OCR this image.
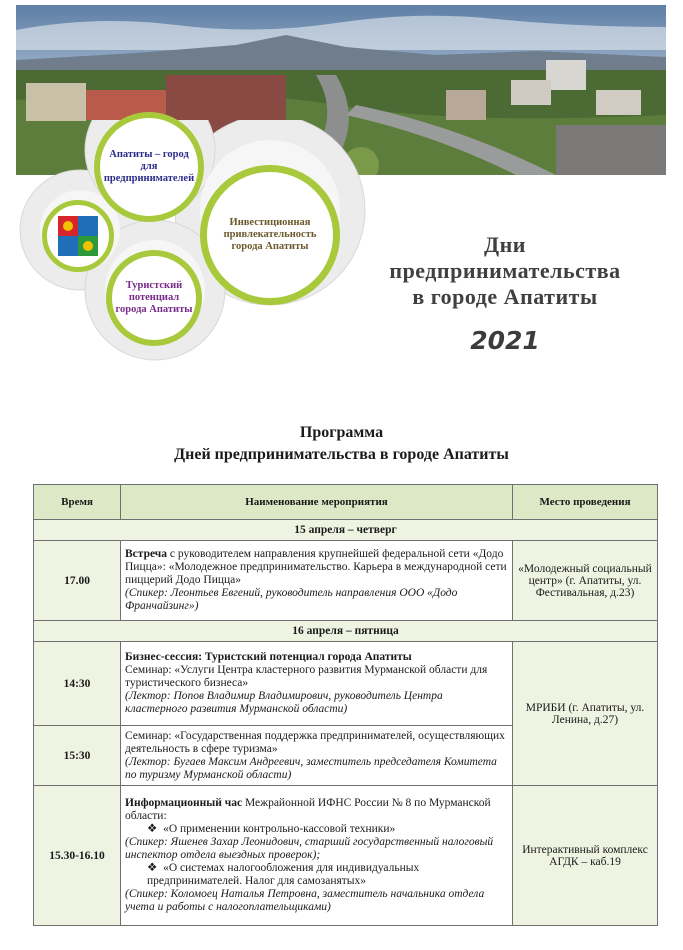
Апатиты – город для предпринимателей
Инвестиционная привлекательность города Апатиты
Туристский потенциал города Апатиты
Дни
предпринимательства
в городе Апатиты
2021
Программа
Дней предпринимательства в городе Апатиты
Время	Наименование мероприятия	Место проведения
15 апреля – четверг		
17.00	Встреча с руководителем направления крупнейшей федеральной сети «Додо Пицца»: «Молодежное предпринимательство. Карьера в международной сети пиццерий Додо Пицца»
(Спикер: Леонтьев Евгений, руководитель направления ООО «Додо Франчайзинг»)	«Молодежный социальный центр» (г. Апатиты, ул. Фестивальная, д.23)
16 апреля – пятница		
14:30	Бизнес-сессия: Туристский потенциал города Апатиты
Семинар: «Услуги Центра кластерного развития Мурманской области для туристического бизнеса»
(Лектор: Попов Владимир Владимирович, руководитель Центра кластерного развития Мурманской области)	МРИБИ (г. Апатиты, ул. Ленина, д.27)
15:30	Семинар: «Государственная поддержка предпринимателей, осуществляющих деятельность в сфере туризма»
(Лектор: Бугаев Максим Андреевич, заместитель председателя Комитета по туризму Мурманской области)	
15.30-16.10	Информационный час Межрайонной ИФНС России № 8 по Мурманской области:

❖ «О применении контрольно-кассовой техники»
(Спикер: Яшенев Захар Леонидович, старший государственный налоговый инспектор отдела выездных проверок);
❖ «О системах налогообложения для индивидуальных предпринимателей. Налог для самозанятых»
(Спикер: Коломоец Наталья Петровна, заместитель начальника отдела учета и работы с налогоплательщиками)	Интерактивный комплекс АГДК – каб.19
